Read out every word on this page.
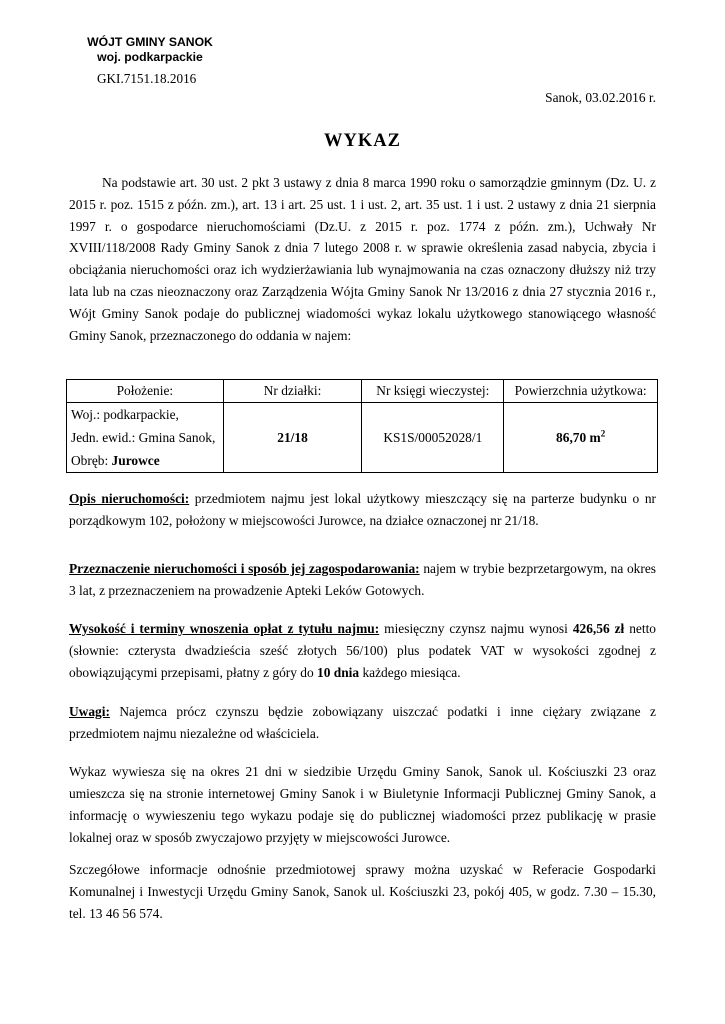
WÓJT GMINY SANOK
woj. podkarpackie
GKI.7151.18.2016
Sanok, 03.02.2016 r.
WYKAZ

Na podstawie art. 30 ust. 2 pkt 3 ustawy z dnia 8 marca 1990 roku o samorządzie gminnym (Dz. U. z 2015 r. poz. 1515 z późn. zm.), art. 13 i art. 25 ust. 1 i ust. 2, art. 35 ust. 1 i ust. 2 ustawy z dnia 21 sierpnia 1997 r. o gospodarce nieruchomościami (Dz.U. z 2015 r. poz. 1774 z późn. zm.), Uchwały Nr XVIII/118/2008 Rady Gminy Sanok z dnia 7 lutego 2008 r. w sprawie określenia zasad nabycia, zbycia i obciążania nieruchomości oraz ich wydzierżawiania lub wynajmowania na czas oznaczony dłuższy niż trzy lata lub na czas nieoznaczony oraz Zarządzenia Wójta Gminy Sanok Nr 13/2016 z dnia 27 stycznia 2016 r., Wójt Gminy Sanok podaje do publicznej wiadomości wykaz lokalu użytkowego stanowiącego własność Gminy Sanok, przeznaczonego do oddania w najem:

Położenie:	Nr działki:	Nr księgi wieczystej:	Powierzchnia użytkowa:
Woj.: podkarpackie,
Jedn. ewid.: Gmina Sanok,
Obręb: Jurowce	21/18	KS1S/00052028/1	86,70 $m^2$

Opis nieruchomości: przedmiotem najmu jest lokal użytkowy mieszczący się na parterze budynku o nr porządkowym 102, położony w miejscowości Jurowce, na działce oznaczonej nr 21/18.

Przeznaczenie nieruchomości i sposób jej zagospodarowania: najem w trybie bezprzetargowym, na okres 3 lat, z przeznaczeniem na prowadzenie Apteki Leków Gotowych.

Wysokość i terminy wnoszenia opłat z tytułu najmu: miesięczny czynsz najmu wynosi 426,56 zł netto (słownie: czterysta dwadzieścia sześć złotych 56/100) plus podatek VAT w wysokości zgodnej z obowiązującymi przepisami, płatny z góry do 10 dnia każdego miesiąca.

Uwagi: Najemca prócz czynszu będzie zobowiązany uiszczać podatki i inne ciężary związane z przedmiotem najmu niezależne od właściciela.

Wykaz wywiesza się na okres 21 dni w siedzibie Urzędu Gminy Sanok, Sanok ul. Kościuszki 23 oraz umieszcza się na stronie internetowej Gminy Sanok i w Biuletynie Informacji Publicznej Gminy Sanok, a informację o wywieszeniu tego wykazu podaje się do publicznej wiadomości przez publikację w prasie lokalnej oraz w sposób zwyczajowo przyjęty w miejscowości Jurowce.

Szczegółowe informacje odnośnie przedmiotowej sprawy można uzyskać w Referacie Gospodarki Komunalnej i Inwestycji Urzędu Gminy Sanok, Sanok ul. Kościuszki 23, pokój 405, w godz. 7.30 – 15.30, tel. 13 46 56 574.
